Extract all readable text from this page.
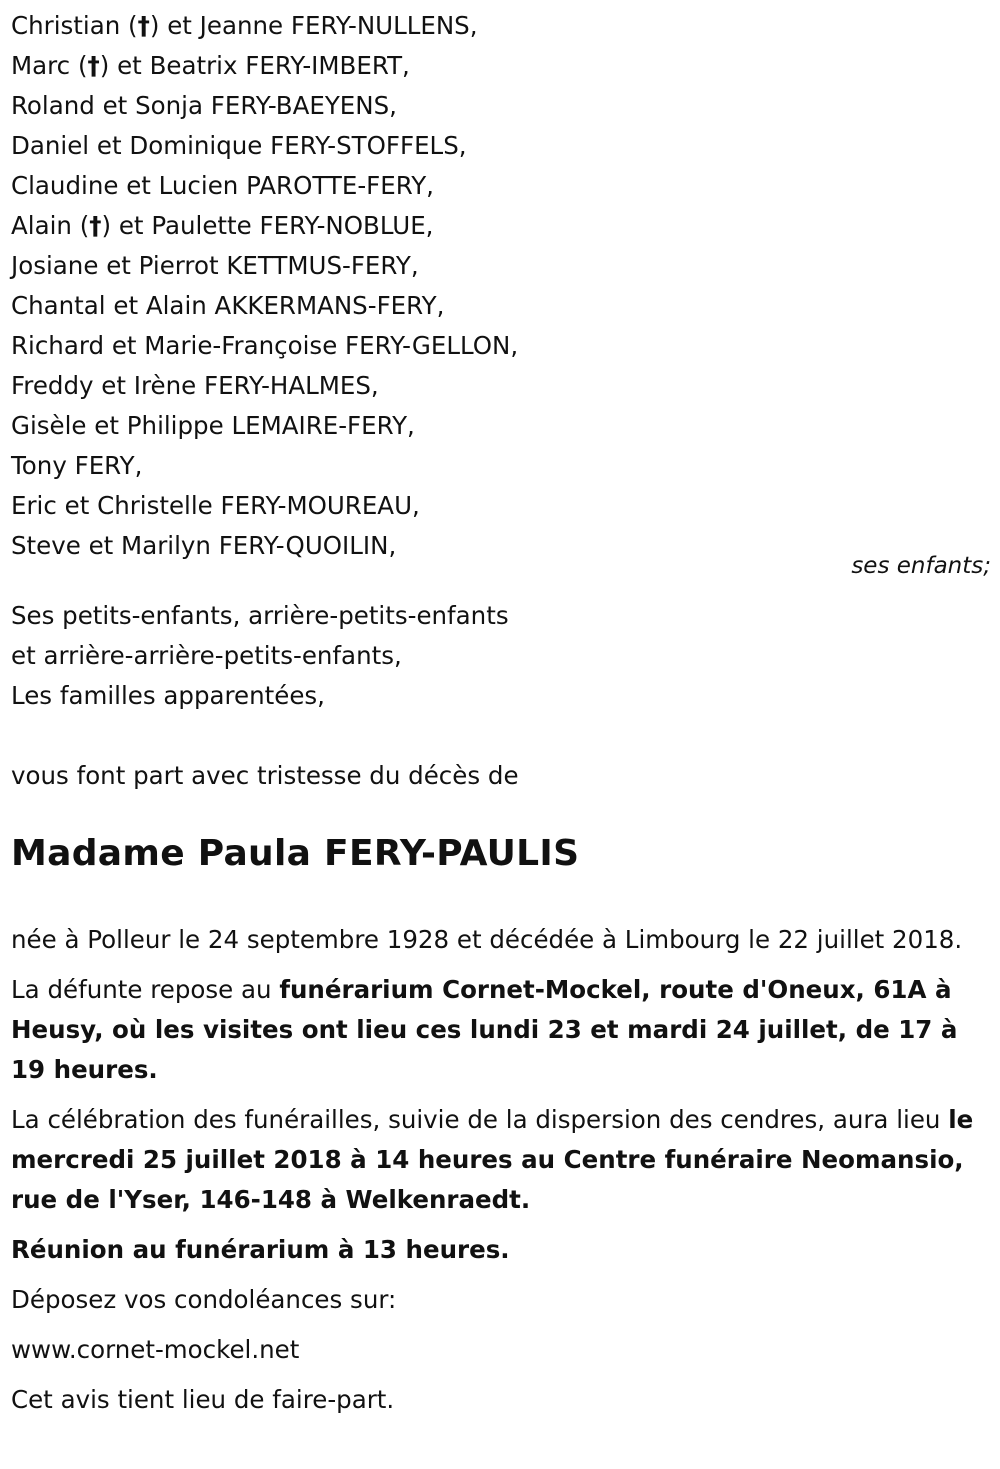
Christian (†) et Jeanne FERY-NULLENS,
Marc (†) et Beatrix FERY-IMBERT,
Roland et Sonja FERY-BAEYENS,
Daniel et Dominique FERY-STOFFELS,
Claudine et Lucien PAROTTE-FERY,
Alain (†) et Paulette FERY-NOBLUE,
Josiane et Pierrot KETTMUS-FERY,
Chantal et Alain AKKERMANS-FERY,
Richard et Marie-Françoise FERY-GELLON,
Freddy et Irène FERY-HALMES,
Gisèle et Philippe LEMAIRE-FERY,
Tony FERY,
Eric et Christelle FERY-MOUREAU,
Steve et Marilyn FERY-QUOILIN,
Ses petits-enfants, arrière-petits-enfants
et arrière-arrière-petits-enfants,
Les familles apparentées,
vous font part avec tristesse du décès de
Madame Paula FERY-PAULIS

née à Polleur le 24 septembre 1928 et décédée à Limbourg le 22 juillet 2018.

La défunte repose au funérarium Cornet-Mockel, route d'Oneux, 61A à Heusy, où les visites ont lieu ces lundi 23 et mardi 24 juillet, de 17 à 19 heures.

La célébration des funérailles, suivie de la dispersion des cendres, aura lieu le mercredi 25 juillet 2018 à 14 heures au Centre funéraire Neomansio, rue de l'Yser, 146-148 à Welkenraedt.

Réunion au funérarium à 13 heures.

Déposez vos condoléances sur:

www.cornet-mockel.net

Cet avis tient lieu de faire-part.

ses enfants;
